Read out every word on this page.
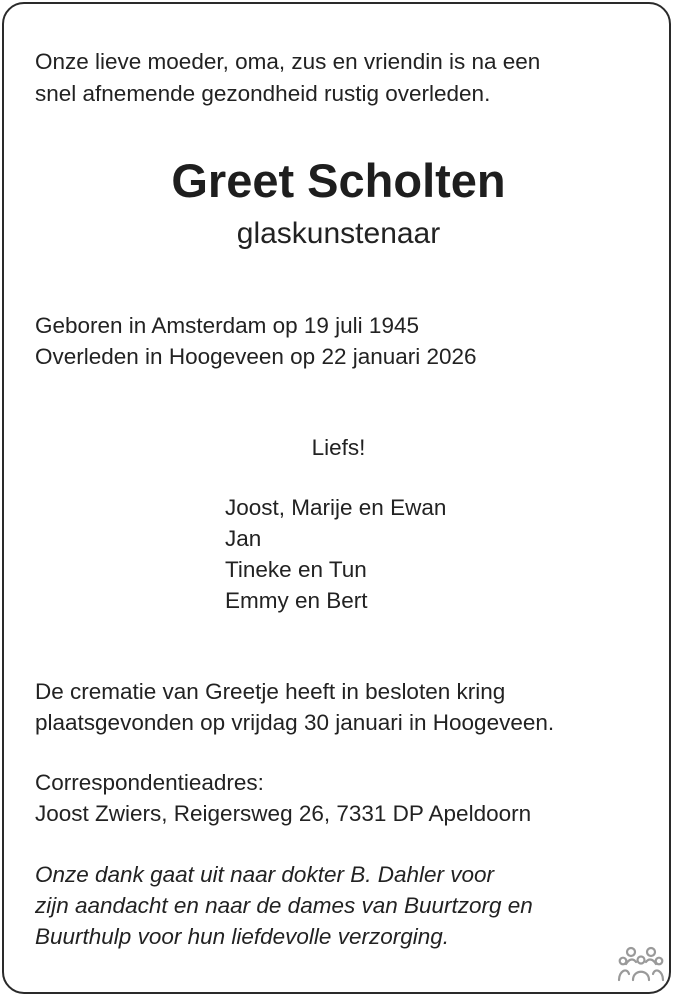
Onze lieve moeder, oma, zus en vriendin is na een

snel afnemende gezondheid rustig overleden.

Greet Scholten

glaskunstenaar

Geboren in Amsterdam op 19 juli 1945

Overleden in Hoogeveen op 22 januari 2026

Liefs!

Joost, Marije en Ewan
Jan
Tineke en Tun
Emmy en Bert

De crematie van Greetje heeft in besloten kring

plaatsgevonden op vrijdag 30 januari in Hoogeveen.

Correspondentieadres:

Joost Zwiers, Reigersweg 26, 7331 DP Apeldoorn

Onze dank gaat uit naar dokter B. Dahler voor

zijn aandacht en naar de dames van Buurtzorg en

Buurthulp voor hun liefdevolle verzorging.
